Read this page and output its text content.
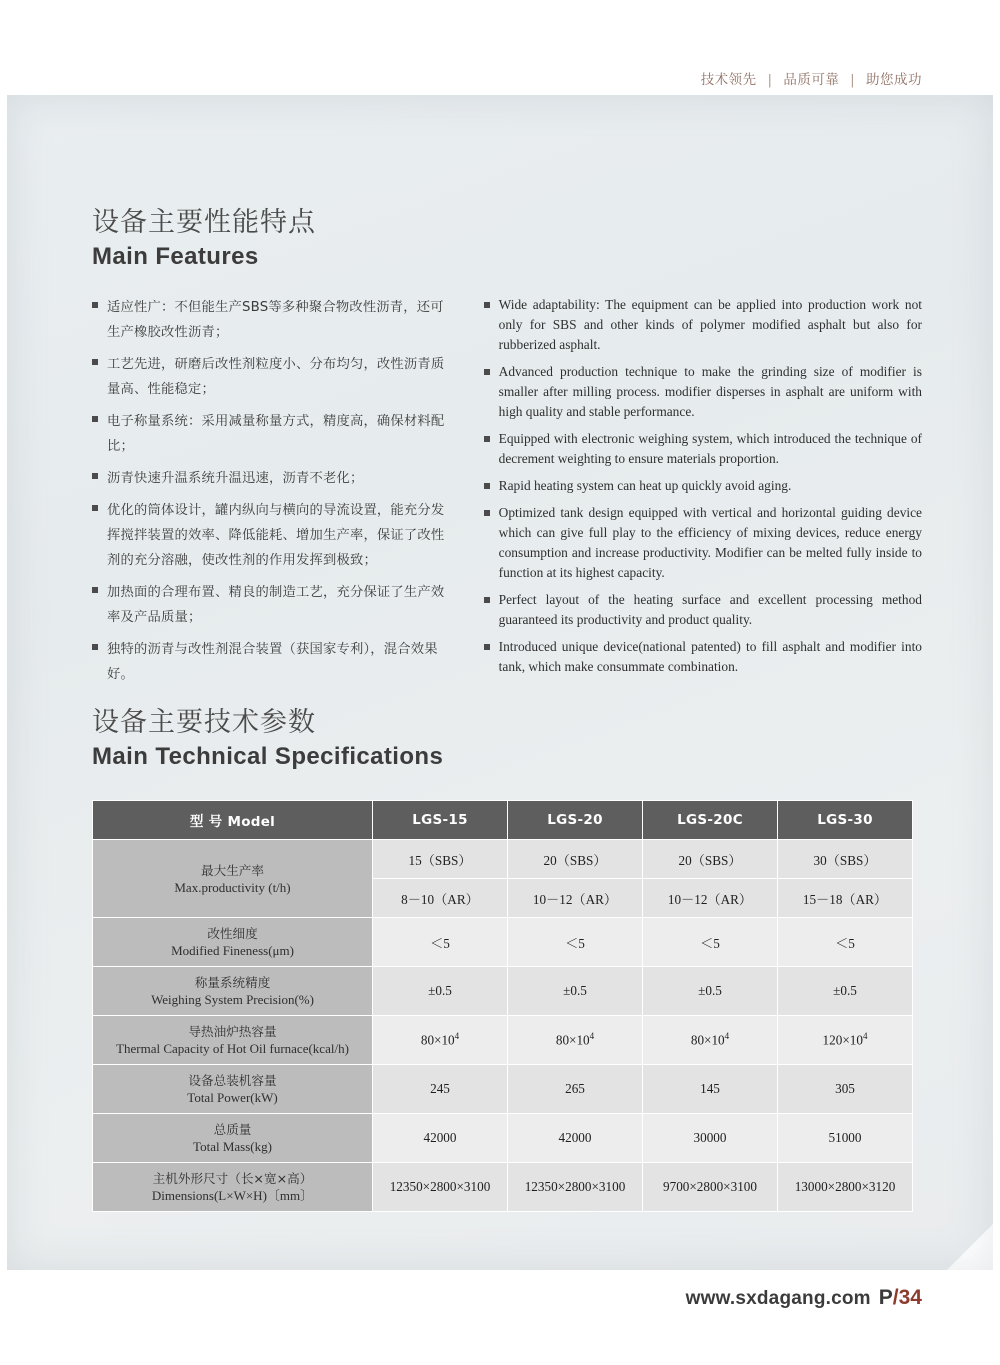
技术领先 | 品质可靠 | 助您成功
设备主要性能特点
Main Features
适应性广：不但能生产SBS等多种聚合物改性沥青，还可生产橡胶改性沥青；
工艺先进，研磨后改性剂粒度小、分布均匀，改性沥青质量高、性能稳定；
电子称量系统：采用减量称量方式，精度高，确保材料配比；
沥青快速升温系统升温迅速，沥青不老化；
优化的筒体设计，罐内纵向与横向的导流设置，能充分发挥搅拌装置的效率、降低能耗、增加生产率，保证了改性剂的充分溶融，使改性剂的作用发挥到极致；
加热面的合理布置、精良的制造工艺，充分保证了生产效率及产品质量；
独特的沥青与改性剂混合装置（获国家专利），混合效果好。
Wide adaptability: The equipment can be applied into production work not only for SBS and other kinds of polymer modified asphalt but also for rubberized asphalt.
Advanced production technique to make the grinding size of modifier is smaller after milling process. modifier disperses in asphalt are uniform with high quality and stable performance.
Equipped with electronic weighing system, which introduced the technique of decrement weighting to ensure materials proportion.
Rapid heating system can heat up quickly avoid aging.
Optimized tank design equipped with vertical and horizontal guiding device which can give full play to the efficiency of mixing devices, reduce energy consumption and increase productivity. Modifier can be melted fully inside to function at its highest capacity.
Perfect layout of the heating surface and excellent processing method guaranteed its productivity and product quality.
Introduced unique device(national patented) to fill asphalt and modifier into tank, which make consummate combination.
设备主要技术参数
Main Technical Specifications
型 号 Model	LGS-15	LGS-20	LGS-20C	LGS-30

最大生产率
Max.productivity (t/h)	15（SBS）	20（SBS）	20（SBS）	30（SBS）
	8－10（AR）	10－12（AR）	10－12（AR）	15－18（AR）

改性细度
Modified Fineness(μm)	＜5	＜5	＜5	＜5

称量系统精度
Weighing System Precision(%)	±0.5	±0.5	±0.5	±0.5

导热油炉热容量
Thermal Capacity of Hot Oil furnace(kcal/h)	$80\times 10^4$	$80\times 10^4$	$80\times 10^4$	$120\times 10^4$

设备总装机容量
Total Power(kW)	245	265	145	305

总质量
Total Mass(kg)	42000	42000	30000	51000

主机外形尺寸（长×宽×高）
Dimensions(L×W×H)〔mm〕	12350×2800×3100	12350×2800×3100	9700×2800×3100	13000×2800×3120
www.sxdagang.com P/34
